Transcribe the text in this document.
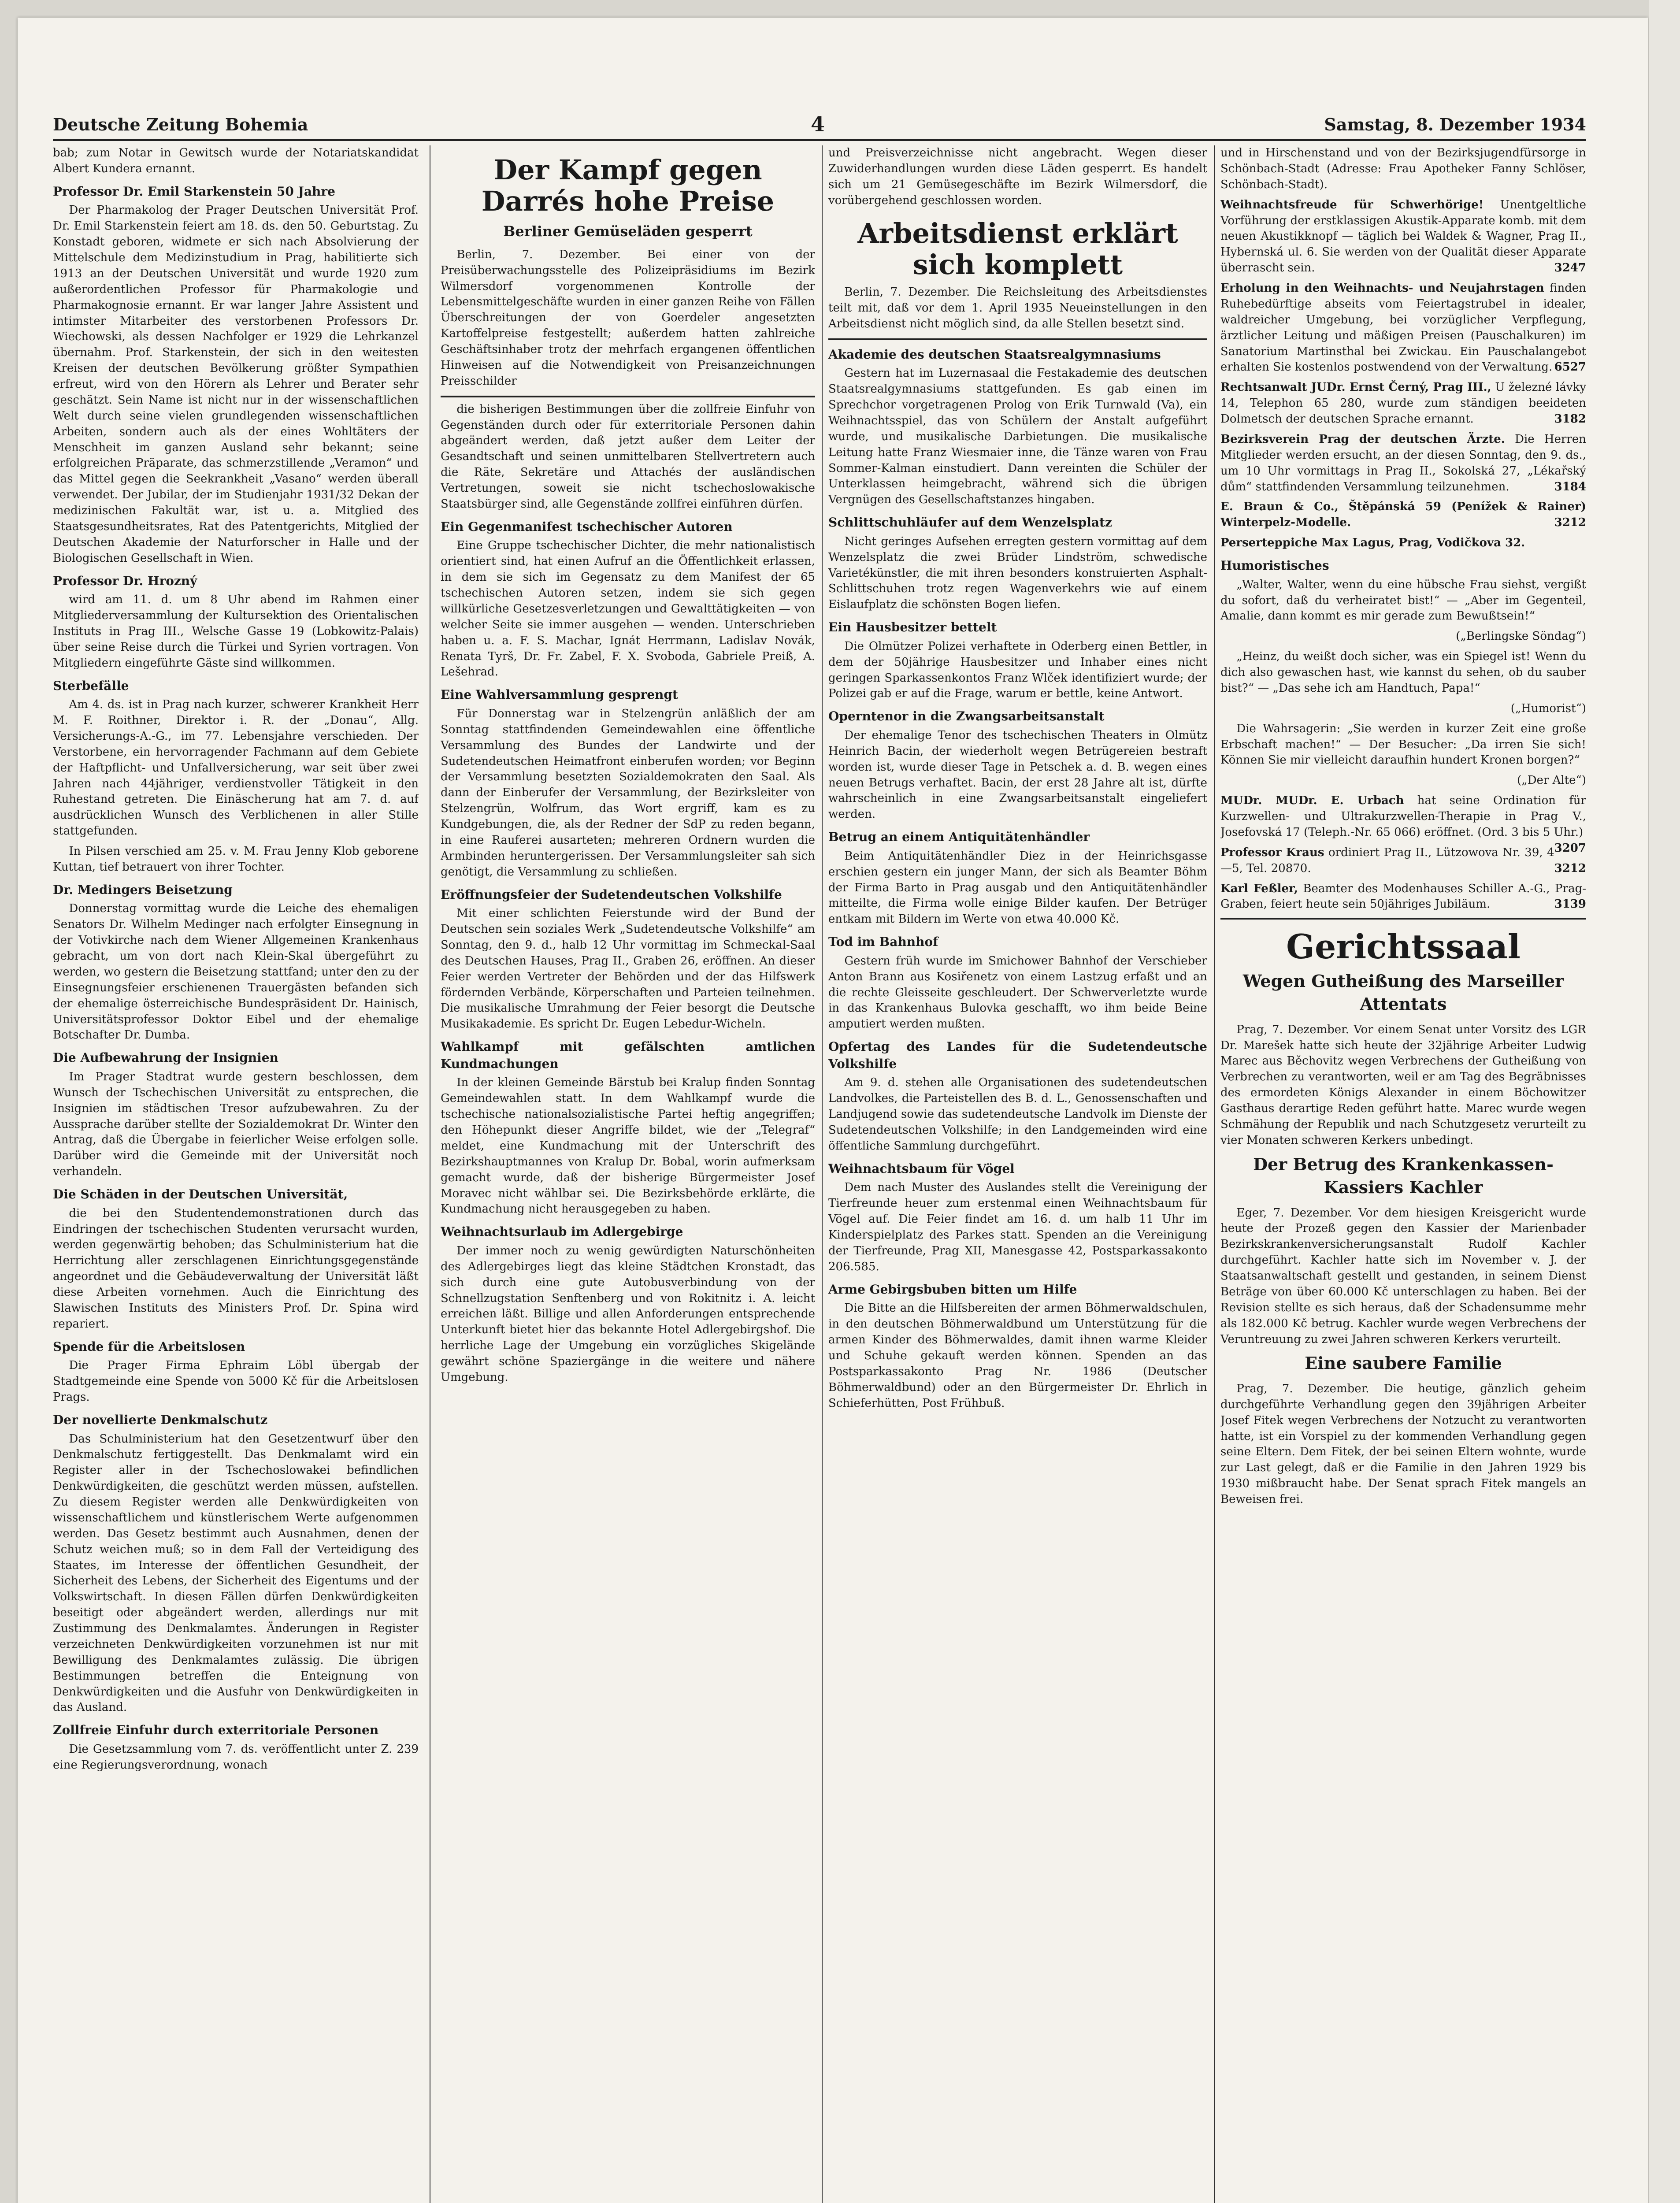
Deutsche Zeitung Bohemia	4	Samstag, 8. Dezember 1934

bab; zum Notar in Gewitsch wurde der Notariatskandidat Albert Kundera ernannt.

Professor Dr. Emil Starkenstein 50 Jahre

Der Pharmakolog der Prager Deutschen Universität Prof. Dr. Emil Starkenstein feiert am 18. ds. den 50. Geburtstag. Zu Konstadt geboren, widmete er sich nach Absolvierung der Mittelschule dem Medizinstudium in Prag, habilitierte sich 1913 an der Deutschen Universität und wurde 1920 zum außerordentlichen Professor für Pharmakologie und Pharmakognosie ernannt. Er war langer Jahre Assistent und intimster Mitarbeiter des verstorbenen Professors Dr. Wiechowski, als dessen Nachfolger er 1929 die Lehrkanzel übernahm. Prof. Starkenstein, der sich in den weitesten Kreisen der deutschen Bevölkerung größter Sympathien erfreut, wird von den Hörern als Lehrer und Berater sehr geschätzt. Sein Name ist nicht nur in der wissenschaftlichen Welt durch seine vielen grundlegenden wissenschaftlichen Arbeiten, sondern auch als der eines Wohltäters der Menschheit im ganzen Ausland sehr bekannt; seine erfolgreichen Präparate, das schmerzstillende „Veramon“ und das Mittel gegen die Seekrankheit „Vasano“ werden überall verwendet. Der Jubilar, der im Studienjahr 1931/32 Dekan der medizinischen Fakultät war, ist u. a. Mitglied des Staatsgesundheitsrates, Rat des Patentgerichts, Mitglied der Deutschen Akademie der Naturforscher in Halle und der Biologischen Gesellschaft in Wien.

Professor Dr. Hrozný

wird am 11. d. um 8 Uhr abend im Rahmen einer Mitgliederversammlung der Kultursektion des Orientalischen Instituts in Prag III., Welsche Gasse 19 (Lobkowitz-Palais) über seine Reise durch die Türkei und Syrien vortragen. Von Mitgliedern eingeführte Gäste sind willkommen.

Sterbefälle

Am 4. ds. ist in Prag nach kurzer, schwerer Krankheit Herr M. F. Roithner, Direktor i. R. der „Donau“, Allg. Versicherungs-A.-G., im 77. Lebensjahre verschieden. Der Verstorbene, ein hervorragender Fachmann auf dem Gebiete der Haftpflicht- und Unfallversicherung, war seit über zwei Jahren nach 44jähriger, verdienstvoller Tätigkeit in den Ruhestand getreten. Die Einäscherung hat am 7. d. auf ausdrücklichen Wunsch des Verblichenen in aller Stille stattgefunden.

In Pilsen verschied am 25. v. M. Frau Jenny Klob geborene Kuttan, tief betrauert von ihrer Tochter.

Dr. Medingers Beisetzung

Donnerstag vormittag wurde die Leiche des ehemaligen Senators Dr. Wilhelm Medinger nach erfolgter Einsegnung in der Votivkirche nach dem Wiener Allgemeinen Krankenhaus gebracht, um von dort nach Klein-Skal übergeführt zu werden, wo gestern die Beisetzung stattfand; unter den zu der Einsegnungsfeier erschienenen Trauergästen befanden sich der ehemalige österreichische Bundespräsident Dr. Hainisch, Universitätsprofessor Doktor Eibel und der ehemalige Botschafter Dr. Dumba.

Die Aufbewahrung der Insignien

Im Prager Stadtrat wurde gestern beschlossen, dem Wunsch der Tschechischen Universität zu entsprechen, die Insignien im städtischen Tresor aufzubewahren. Zu der Aussprache darüber stellte der Sozialdemokrat Dr. Winter den Antrag, daß die Übergabe in feierlicher Weise erfolgen solle. Darüber wird die Gemeinde mit der Universität noch verhandeln.

Die Schäden in der Deutschen Universität,

die bei den Studentendemonstrationen durch das Eindringen der tschechischen Studenten verursacht wurden, werden gegenwärtig behoben; das Schulministerium hat die Herrichtung aller zerschlagenen Einrichtungsgegenstände angeordnet und die Gebäudeverwaltung der Universität läßt diese Arbeiten vornehmen. Auch die Einrichtung des Slawischen Instituts des Ministers Prof. Dr. Spina wird repariert.

Spende für die Arbeitslosen

Die Prager Firma Ephraim Löbl übergab der Stadtgemeinde eine Spende von 5000 Kč für die Arbeitslosen Prags.

Der novellierte Denkmalschutz

Das Schulministerium hat den Gesetzentwurf über den Denkmalschutz fertiggestellt. Das Denkmalamt wird ein Register aller in der Tschechoslowakei befindlichen Denkwürdigkeiten, die geschützt werden müssen, aufstellen. Zu diesem Register werden alle Denkwürdigkeiten von wissenschaftlichem und künstlerischem Werte aufgenommen werden. Das Gesetz bestimmt auch Ausnahmen, denen der Schutz weichen muß; so in dem Fall der Verteidigung des Staates, im Interesse der öffentlichen Gesundheit, der Sicherheit des Lebens, der Sicherheit des Eigentums und der Volkswirtschaft. In diesen Fällen dürfen Denkwürdigkeiten beseitigt oder abgeändert werden, allerdings nur mit Zustimmung des Denkmalamtes. Änderungen in Register verzeichneten Denkwürdigkeiten vorzunehmen ist nur mit Bewilligung des Denkmalamtes zulässig. Die übrigen Bestimmungen betreffen die Enteignung von Denkwürdigkeiten und die Ausfuhr von Denkwürdigkeiten in das Ausland.

Zollfreie Einfuhr durch exterritoriale Personen

Die Gesetzsammlung vom 7. ds. veröffentlicht unter Z. 239 eine Regierungsverordnung, wonach

Der Kampf gegen Darrés hohe Preise
Berliner Gemüseläden gesperrt

Berlin, 7. Dezember. Bei einer von der Preisüberwachungsstelle des Polizeipräsidiums im Bezirk Wilmersdorf vorgenommenen Kontrolle der Lebensmittelgeschäfte wurden in einer ganzen Reihe von Fällen Überschreitungen der von Goerdeler angesetzten Kartoffelpreise festgestellt; außerdem hatten zahlreiche Geschäftsinhaber trotz der mehrfach ergangenen öffentlichen Hinweisen auf die Notwendigkeit von Preisanzeichnungen Preisschilder

die bisherigen Bestimmungen über die zollfreie Einfuhr von Gegenständen durch oder für exterritoriale Personen dahin abgeändert werden, daß jetzt außer dem Leiter der Gesandtschaft und seinen unmittelbaren Stellvertretern auch die Räte, Sekretäre und Attachés der ausländischen Vertretungen, soweit sie nicht tschechoslowakische Staatsbürger sind, alle Gegenstände zollfrei einführen dürfen.

Ein Gegenmanifest tschechischer Autoren

Eine Gruppe tschechischer Dichter, die mehr nationalistisch orientiert sind, hat einen Aufruf an die Öffentlichkeit erlassen, in dem sie sich im Gegensatz zu dem Manifest der 65 tschechischen Autoren setzen, indem sie sich gegen willkürliche Gesetzesverletzungen und Gewalttätigkeiten — von welcher Seite sie immer ausgehen — wenden. Unterschrieben haben u. a. F. S. Machar, Ignát Herrmann, Ladislav Novák, Renata Tyrš, Dr. Fr. Zabel, F. X. Svoboda, Gabriele Preiß, A. Lešehrad.

Eine Wahlversammlung gesprengt

Für Donnerstag war in Stelzengrün anläßlich der am Sonntag stattfindenden Gemeindewahlen eine öffentliche Versammlung des Bundes der Landwirte und der Sudetendeutschen Heimatfront einberufen worden; vor Beginn der Versammlung besetzten Sozialdemokraten den Saal. Als dann der Einberufer der Versammlung, der Bezirksleiter von Stelzengrün, Wolfrum, das Wort ergriff, kam es zu Kundgebungen, die, als der Redner der SdP zu reden begann, in eine Rauferei ausarteten; mehreren Ordnern wurden die Armbinden heruntergerissen. Der Versammlungsleiter sah sich genötigt, die Versammlung zu schließen.

Eröffnungsfeier der Sudetendeutschen Volkshilfe

Mit einer schlichten Feierstunde wird der Bund der Deutschen sein soziales Werk „Sudetendeutsche Volkshilfe“ am Sonntag, den 9. d., halb 12 Uhr vormittag im Schmeckal-Saal des Deutschen Hauses, Prag II., Graben 26, eröffnen. An dieser Feier werden Vertreter der Behörden und der das Hilfswerk fördernden Verbände, Körperschaften und Parteien teilnehmen. Die musikalische Umrahmung der Feier besorgt die Deutsche Musikakademie. Es spricht Dr. Eugen Lebedur-Wicheln.

Wahlkampf mit gefälschten amtlichen Kundmachungen

In der kleinen Gemeinde Bärstub bei Kralup finden Sonntag Gemeindewahlen statt. In dem Wahlkampf wurde die tschechische nationalsozialistische Partei heftig angegriffen; den Höhepunkt dieser Angriffe bildet, wie der „Telegraf“ meldet, eine Kundmachung mit der Unterschrift des Bezirkshauptmannes von Kralup Dr. Bobal, worin aufmerksam gemacht wurde, daß der bisherige Bürgermeister Josef Moravec nicht wählbar sei. Die Bezirksbehörde erklärte, die Kundmachung nicht herausgegeben zu haben.

Weihnachtsurlaub im Adlergebirge

Der immer noch zu wenig gewürdigten Naturschönheiten des Adlergebirges liegt das kleine Städtchen Kronstadt, das sich durch eine gute Autobusverbindung von der Schnellzugstation Senftenberg und von Rokitnitz i. A. leicht erreichen läßt. Billige und allen Anforderungen entsprechende Unterkunft bietet hier das bekannte Hotel Adlergebirgshof. Die herrliche Lage der Umgebung ein vorzügliches Skigelände gewährt schöne Spaziergänge in die weitere und nähere Umgebung.

und Preisverzeichnisse nicht angebracht. Wegen dieser Zuwiderhandlungen wurden diese Läden gesperrt. Es handelt sich um 21 Gemüsegeschäfte im Bezirk Wilmersdorf, die vorübergehend geschlossen worden.

Arbeitsdienst erklärt sich komplett

Berlin, 7. Dezember. Die Reichsleitung des Arbeitsdienstes teilt mit, daß vor dem 1. April 1935 Neueinstellungen in den Arbeitsdienst nicht möglich sind, da alle Stellen besetzt sind.

Akademie des deutschen Staatsrealgymnasiums

Gestern hat im Luzernasaal die Festakademie des deutschen Staatsrealgymnasiums stattgefunden. Es gab einen im Sprechchor vorgetragenen Prolog von Erik Turnwald (Va), ein Weihnachtsspiel, das von Schülern der Anstalt aufgeführt wurde, und musikalische Darbietungen. Die musikalische Leitung hatte Franz Wiesmaier inne, die Tänze waren von Frau Sommer-Kalman einstudiert. Dann vereinten die Schüler der Unterklassen heimgebracht, während sich die übrigen Vergnügen des Gesellschaftstanzes hingaben.

Schlittschuhläufer auf dem Wenzelsplatz

Nicht geringes Aufsehen erregten gestern vormittag auf dem Wenzelsplatz die zwei Brüder Lindström, schwedische Varietékünstler, die mit ihren besonders konstruierten Asphalt-Schlittschuhen trotz regen Wagenverkehrs wie auf einem Eislaufplatz die schönsten Bogen liefen.

Ein Hausbesitzer bettelt

Die Olmützer Polizei verhaftete in Oderberg einen Bettler, in dem der 50jährige Hausbesitzer und Inhaber eines nicht geringen Sparkassenkontos Franz Wlček identifiziert wurde; der Polizei gab er auf die Frage, warum er bettle, keine Antwort.

Operntenor in die Zwangsarbeitsanstalt

Der ehemalige Tenor des tschechischen Theaters in Olmütz Heinrich Bacin, der wiederholt wegen Betrügereien bestraft worden ist, wurde dieser Tage in Petschek a. d. B. wegen eines neuen Betrugs verhaftet. Bacin, der erst 28 Jahre alt ist, dürfte wahrscheinlich in eine Zwangsarbeitsanstalt eingeliefert werden.

Betrug an einem Antiquitätenhändler

Beim Antiquitätenhändler Diez in der Heinrichsgasse erschien gestern ein junger Mann, der sich als Beamter Böhm der Firma Barto in Prag ausgab und den Antiquitätenhändler mitteilte, die Firma wolle einige Bilder kaufen. Der Betrüger entkam mit Bildern im Werte von etwa 40.000 Kč.

Tod im Bahnhof

Gestern früh wurde im Smichower Bahnhof der Verschieber Anton Brann aus Kosiřenetz von einem Lastzug erfaßt und an die rechte Gleisseite geschleudert. Der Schwerverletzte wurde in das Krankenhaus Bulovka geschafft, wo ihm beide Beine amputiert werden mußten.

Opfertag des Landes für die Sudetendeutsche Volkshilfe

Am 9. d. stehen alle Organisationen des sudetendeutschen Landvolkes, die Parteistellen des B. d. L., Genossenschaften und Landjugend sowie das sudetendeutsche Landvolk im Dienste der Sudetendeutschen Volkshilfe; in den Landgemeinden wird eine öffentliche Sammlung durchgeführt.

Weihnachtsbaum für Vögel

Dem nach Muster des Auslandes stellt die Vereinigung der Tierfreunde heuer zum erstenmal einen Weihnachtsbaum für Vögel auf. Die Feier findet am 16. d. um halb 11 Uhr im Kinderspielplatz des Parkes statt. Spenden an die Vereinigung der Tierfreunde, Prag XII, Manesgasse 42, Postsparkassakonto 206.585.

Arme Gebirgsbuben bitten um Hilfe

Die Bitte an die Hilfsbereiten der armen Böhmerwaldschulen, in den deutschen Böhmerwaldbund um Unterstützung für die armen Kinder des Böhmerwaldes, damit ihnen warme Kleider und Schuhe gekauft werden können. Spenden an das Postsparkassakonto Prag Nr. 1986 (Deutscher Böhmerwaldbund) oder an den Bürgermeister Dr. Ehrlich in Schieferhütten, Post Frühbuß.

und in Hirschenstand und von der Bezirksjugendfürsorge in Schönbach-Stadt (Adresse: Frau Apotheker Fanny Schlöser, Schönbach-Stadt).

Weihnachtsfreude für Schwerhörige! Unentgeltliche Vorführung der erstklassigen Akustik-Apparate komb. mit dem neuen Akustikknopf — täglich bei Waldek & Wagner, Prag II., Hybernská ul. 6. Sie werden von der Qualität dieser Apparate überrascht sein.	3247

Erholung in den Weihnachts- und Neujahrstagen finden Ruhebedürftige abseits vom Feiertagstrubel in idealer, waldreicher Umgebung, bei vorzüglicher Verpflegung, ärztlicher Leitung und mäßigen Preisen (Pauschalkuren) im Sanatorium Martinsthal bei Zwickau. Ein Pauschalangebot erhalten Sie kostenlos postwendend von der Verwaltung. 6527

Rechtsanwalt JUDr. Ernst Černý, Prag III., U železné lávky 14, Telephon 65 280, wurde zum ständigen beeideten Dolmetsch der deutschen Sprache ernannt.	3182

Bezirksverein Prag der deutschen Ärzte. Die Herren Mitglieder werden ersucht, an der diesen Sonntag, den 9. ds., um 10 Uhr vormittags in Prag II., Sokolská 27, „Lékařský dům“ stattfindenden Versammlung teilzunehmen.	3184

E. Braun & Co., Štěpánská 59 (Penížek & Rainer) Winterpelz-Modelle.	3212

Perserteppiche Max Lagus, Prag, Vodičkova 32.

Humoristisches

„Walter, Walter, wenn du eine hübsche Frau siehst, vergißt du sofort, daß du verheiratet bist!“ — „Aber im Gegenteil, Amalie, dann kommt es mir gerade zum Bewußtsein!“

(„Berlingske Söndag“)

„Heinz, du weißt doch sicher, was ein Spiegel ist! Wenn du dich also gewaschen hast, wie kannst du sehen, ob du sauber bist?“ — „Das sehe ich am Handtuch, Papa!“

(„Humorist“)

Die Wahrsagerin: „Sie werden in kurzer Zeit eine große Erbschaft machen!“ — Der Besucher: „Da irren Sie sich! Können Sie mir vielleicht daraufhin hundert Kronen borgen?“

(„Der Alte“)

MUDr. MUDr. E. Urbach hat seine Ordination für Kurzwellen- und Ultrakurzwellen-Therapie in Prag V., Josefovská 17 (Teleph.-Nr. 65 066) eröffnet. (Ord. 3 bis 5 Uhr.)
3207

Professor Kraus ordiniert Prag II., Lützowova Nr. 39, 4—5, Tel. 20870.	3212

Karl Feßler, Beamter des Modenhauses Schiller A.-G., Prag-Graben, feiert heute sein 50jähriges Jubiläum.	3139

Gerichtssaal
Wegen Gutheißung des Marseiller Attentats

Prag, 7. Dezember. Vor einem Senat unter Vorsitz des LGR Dr. Marešek hatte sich heute der 32jährige Arbeiter Ludwig Marec aus Běchovitz wegen Verbrechens der Gutheißung von Verbrechen zu verantworten, weil er am Tag des Begräbnisses des ermordeten Königs Alexander in einem Böchowitzer Gasthaus derartige Reden geführt hatte. Marec wurde wegen Schmähung der Republik und nach Schutzgesetz verurteilt zu vier Monaten schweren Kerkers unbedingt.

Der Betrug des Krankenkassen-Kassiers Kachler

Eger, 7. Dezember. Vor dem hiesigen Kreisgericht wurde heute der Prozeß gegen den Kassier der Marienbader Bezirkskrankenversicherungsanstalt Rudolf Kachler durchgeführt. Kachler hatte sich im November v. J. der Staatsanwaltschaft gestellt und gestanden, in seinem Dienst Beträge von über 60.000 Kč unterschlagen zu haben. Bei der Revision stellte es sich heraus, daß der Schadensumme mehr als 182.000 Kč betrug. Kachler wurde wegen Verbrechens der Veruntreuung zu zwei Jahren schweren Kerkers verurteilt.

Eine saubere Familie

Prag, 7. Dezember. Die heutige, gänzlich geheim durchgeführte Verhandlung gegen den 39jährigen Arbeiter Josef Fitek wegen Verbrechens der Notzucht zu verantworten hatte, ist ein Vorspiel zu der kommenden Verhandlung gegen seine Eltern. Dem Fitek, der bei seinen Eltern wohnte, wurde zur Last gelegt, daß er die Familie in den Jahren 1929 bis 1930 mißbraucht habe. Der Senat sprach Fitek mangels an Beweisen frei.
